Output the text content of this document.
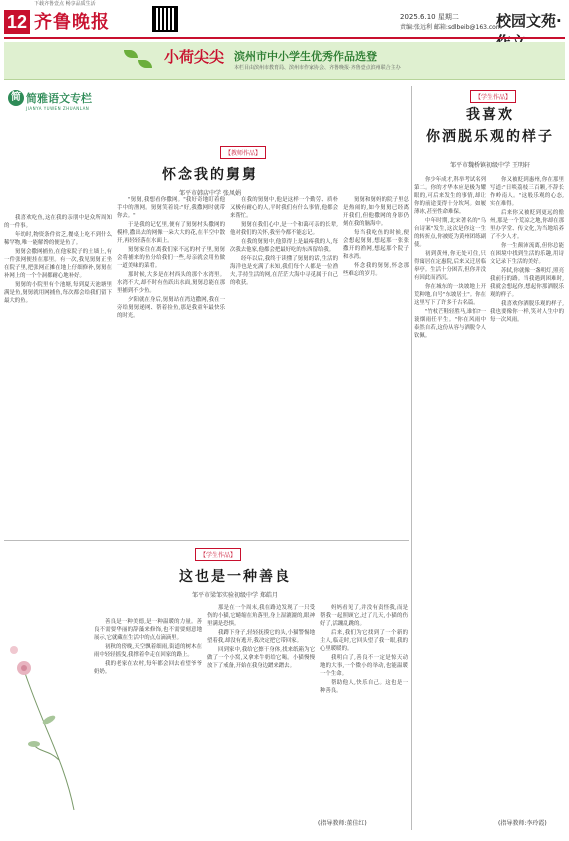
12
下载齐鲁壹点 畅享品质生活
齐鲁晚报	2025.6.10 星期二
责编:张远利 邮箱:sdlbeib@163.com
校园文苑·
小荷尖尖 滨州市中小学生优秀作品选登
本栏目由滨州市教育局、滨州市作家协会、齐鲁晚报·齐鲁壹点滨州联合主办
简 简雅语文专栏
JIANYA YUWEN ZHUANLAN
【教师作品】
怀念我的舅舅
邹平市韩店中学 张凤娟

我喜欢吃鱼,这在我的亲朋中是众所周知的一件事。

年幼时,物资条件贫乏,餐桌上吃不到什么稀罕物,唯一能解馋的便是鱼了。

舅舅会撒网捕鱼,在他家院子的土墙上,有一件张网便挂在那里。有一次,我见舅舅正坐在院子里,把张网正摊在地上仔细修补,舅舅在补网上的一个个洞都耐心地补好。

舅舅的小院里有个池塘,每到夏天池塘里满是鱼,舅舅就用网捕鱼,每次都会给我们留下最大的鱼。

"舅舅,我想看你撒网。"我好奇地盯着他手中的渔网。舅舅笑着说:"好,我撒网时就带你去。"

于是我的记忆里,便有了舅舅村头撒网的模样,撒出去的网像一朵大大的花,在半空中散开,再轻轻落在水面上。

舅舅家住在离我们家不远的村子里,舅舅会将捕来的鱼分给我们一些,母亲就会用鱼做一道美味的菜肴。

那时候,大多是在村西头的那个水湾里。水湾不大,却不时有鱼跃出水面,舅舅总能在那里捕到不少鱼。

夕阳就在身后,舅舅站在湾边撒网,我在一旁给舅舅递网、帮着捡鱼,那是我童年最快乐的时光。

在我的舅舅中,他是这样一个勤劳、质朴又极有耐心的人,平时我们有什么事情,他都会来帮忙。

舅舅在我们心中,是一个和蔼可亲的长辈,他对我们的关怀,我至今都不能忘记。

在我的舅舅中,他算得上是最疼我的人,每次我去他家,他都会把最好吃的东西留给我。

经年以后,我终于读懂了舅舅的话,生活的海洋也是充满了未知,我们每个人都是一位渔夫,手持生活的网,在茫茫大海中寻觅属于自己的收获。

舅舅和舅妈的院子里总是热闹的,如今舅舅已经离开我们,但他撒网的身影仍刻在我的脑海中。

每当我吃鱼的时候,便会想起舅舅,想起那一张张撒开的渔网,想起那个院子和水湾。

怀念我的舅舅,怀念那些难忘的岁月。

【学生作品】
这也是一种善良
邹平市梁邹实验初级中学 郑皓月

善良是一种美德,是一种温暖的力量。善良不需要华丽的辞藻来修饰,也不需要刻意地展示,它就藏在生活中的点点滴滴里。

初秋的傍晚,天空飘着细雨,街道的树木在雨中轻轻摇曳,我撑着伞走在回家的路上。

我的老家在农村,每年都会回去看望爷爷奶奶。

那是在一个周末,我在路边发现了一只受伤的小猫,它蜷缩在角落里,身上湿漉漉的,眼神里满是恐惧。

我蹲下身子,轻轻抚摸它的头,小猫警惕地望着我,却没有逃开,我决定把它带回家。

回到家中,我给它擦干身体,找来纸箱为它做了一个小窝,又拿来牛奶给它喝。小猫慢慢放下了戒备,开始在我身边蹭来蹭去。

妈妈看见了,并没有责怪我,而是帮我一起照顾它,过了几天,小猫的伤好了,活蹦乱跳的。

后来,我们为它找到了一个新的主人,临走时,它回头望了我一眼,我的心里暖暖的。

我明白了,善良不一定是惊天动地的大事,一个微小的举动,也能温暖一个生命。

帮助他人,快乐自己。这也是一种善良。

(指导教师:董佳红)
【学生作品】
我喜欢
你洒脱乐观的样子
邹平市魏桥镇初级中学 王明轩

你少年成才,科举考试名列第二。你的才华本应是极为耀眼的,可后来发生的事情,却让你的前途变得十分坎坷。如履薄冰,甚至性命难保。

中年时期,北宋著名的"乌台诗案"发生,这次是你这一生的转折点,你被贬为黄州团练副使。

初到黄州,你无处可住,只得寓居在定惠院,后来又迁居临皋亭。生活十分困苦,但你并没有因此而消沉。

你在城东的一块坡地上开荒种地,自号"东坡居士"。你在这里写下了许多千古名篇。

"竹杖芒鞋轻胜马,谁怕?一蓑烟雨任平生。"你在风雨中泰然自若,这份从容与洒脱令人钦佩。

你又被贬到惠州,你在那里写道:"日啖荔枝三百颗,不辞长作岭南人。"这般乐观的心态,实在难得。

后来你又被贬到更远的儋州,那是一个荒凉之地,你却在那里办学堂、传文化,为当地培养了不少人才。

你一生颠沛流离,但你总能在困境中找到生活的乐趣,用诗文记录下生活的美好。

苏轼,你就像一盏明灯,照亮我前行的路。当我遇到困难时,我就会想起你,想起你那洒脱乐观的样子。

我喜欢你洒脱乐观的样子,我也要像你一样,笑对人生中的每一次风雨。

(指导教师:李玲霞)
